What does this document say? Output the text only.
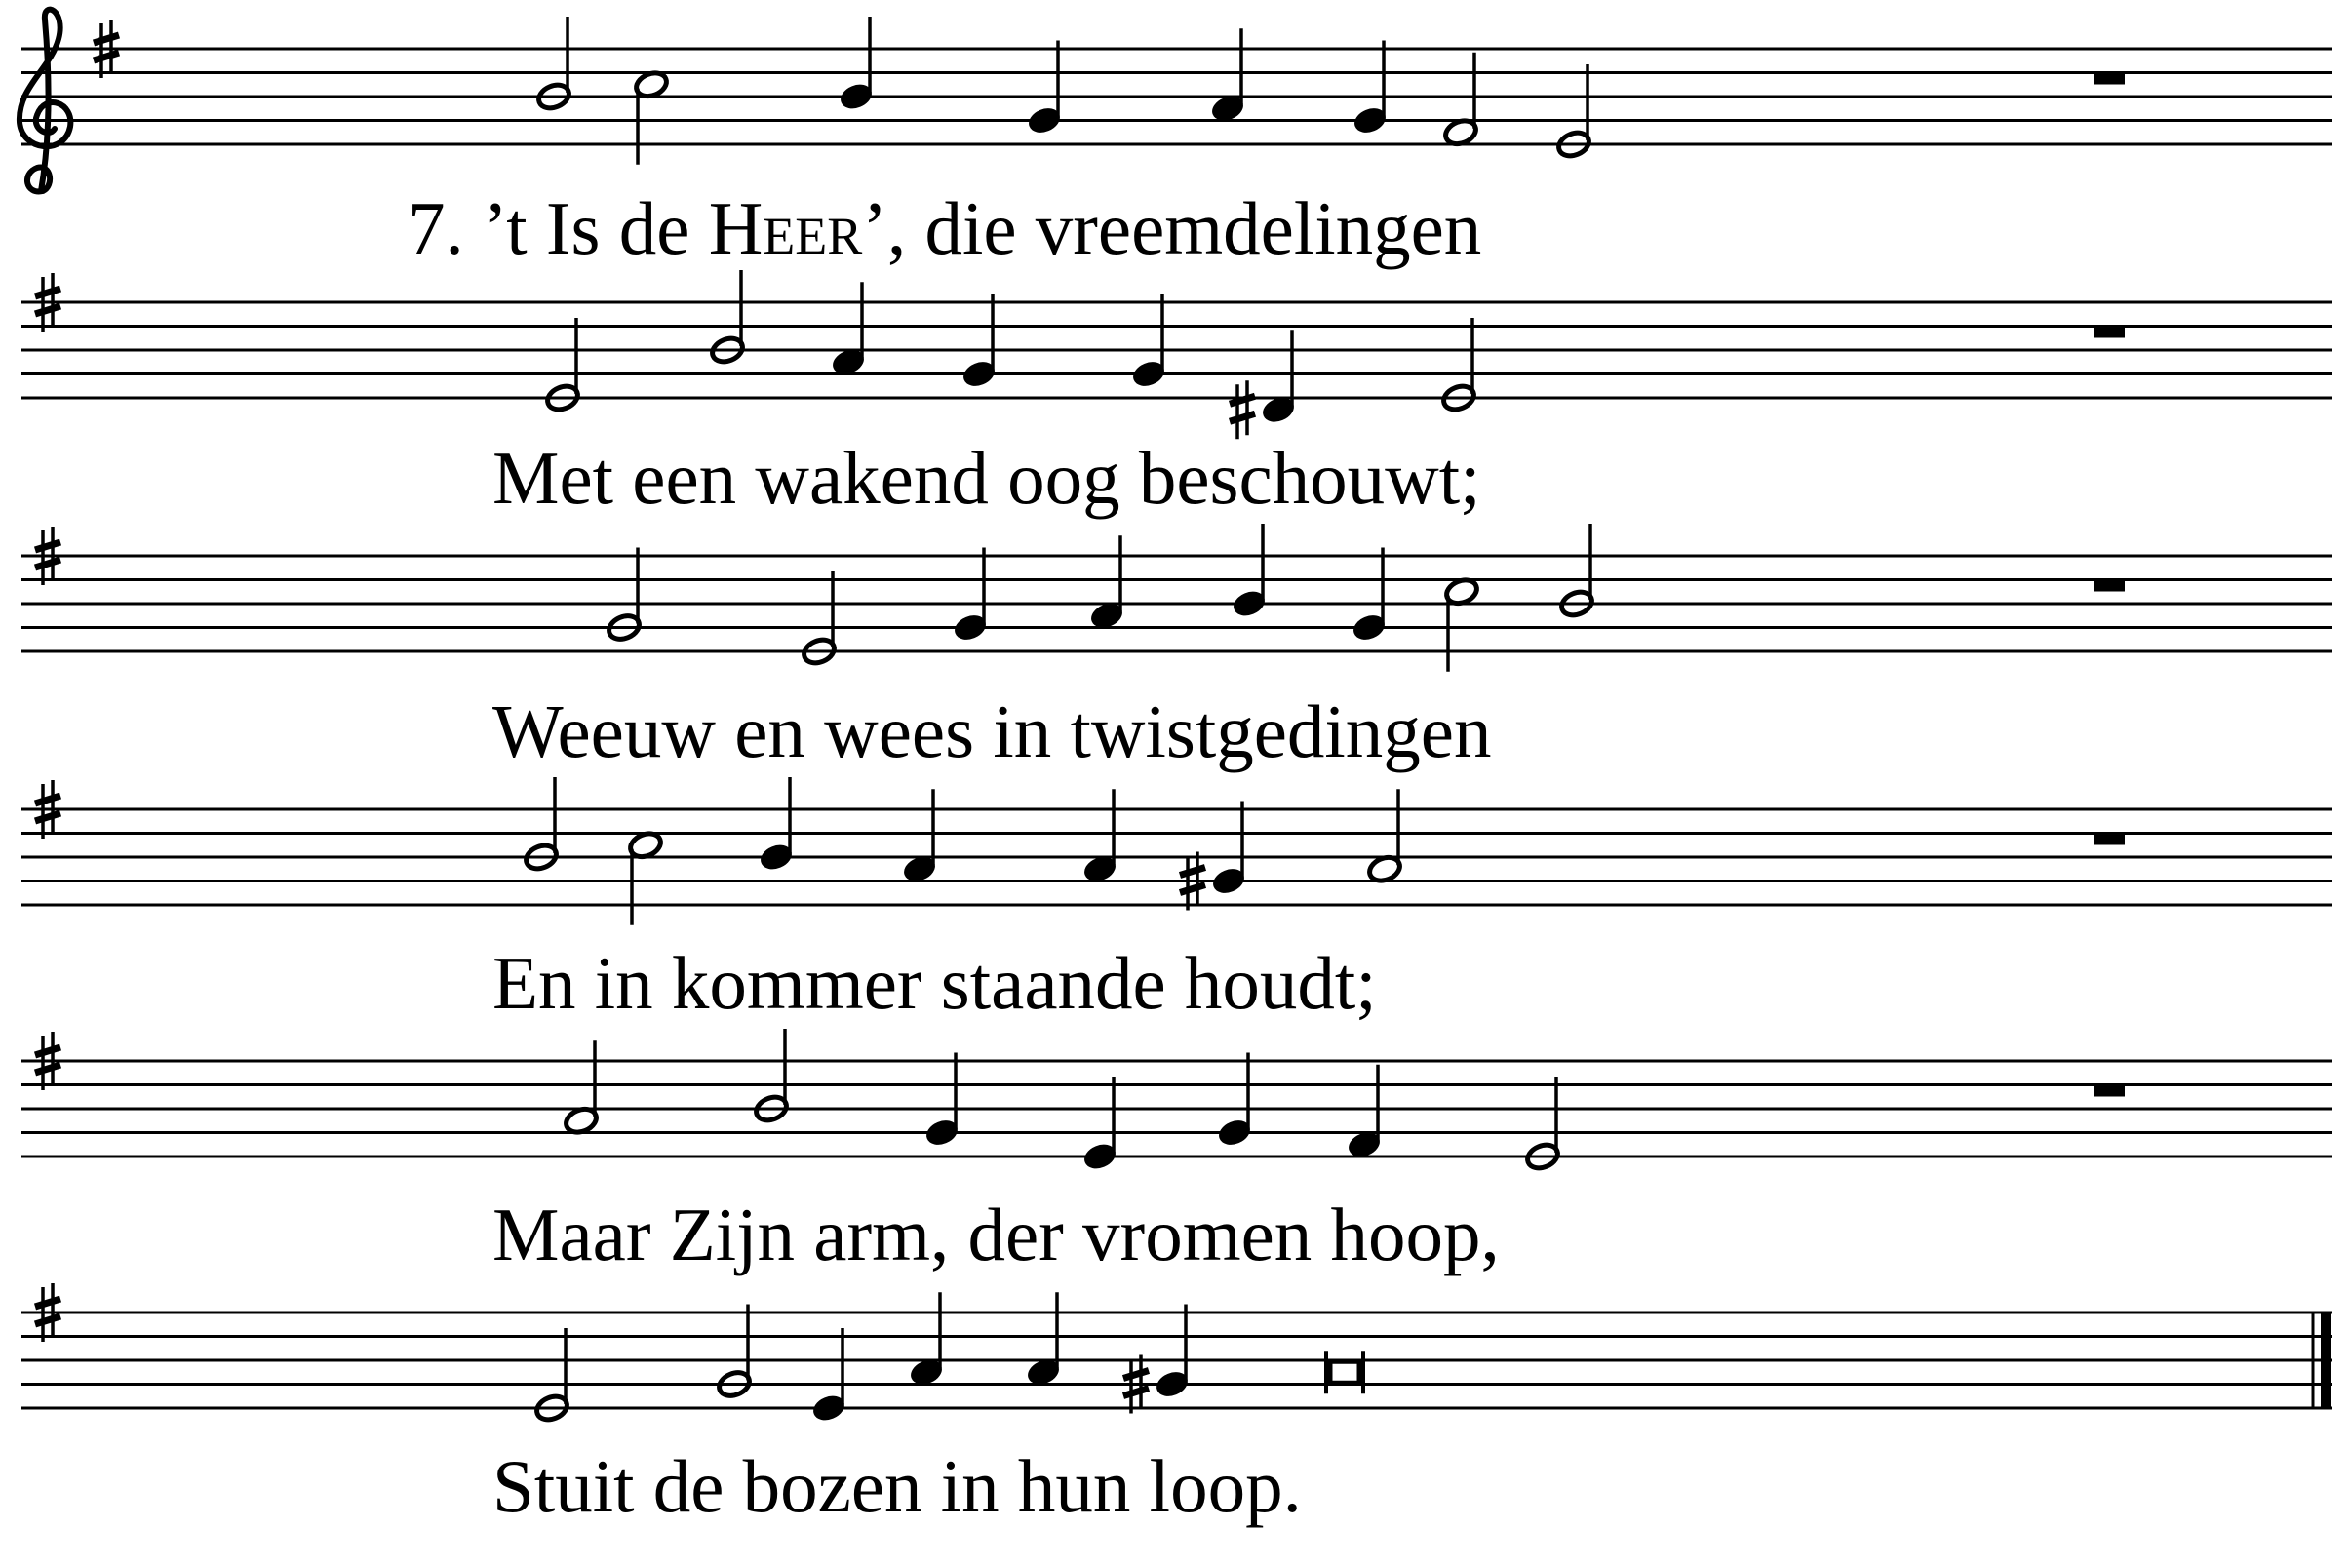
7. ’t Is de Heer’, die vreemdelingen
Met een wakend oog beschouwt;
Weeuw en wees in twistgedingen
En in kommer staande houdt;
Maar Zijn arm, der vromen hoop,
Stuit de bozen in hun loop.
